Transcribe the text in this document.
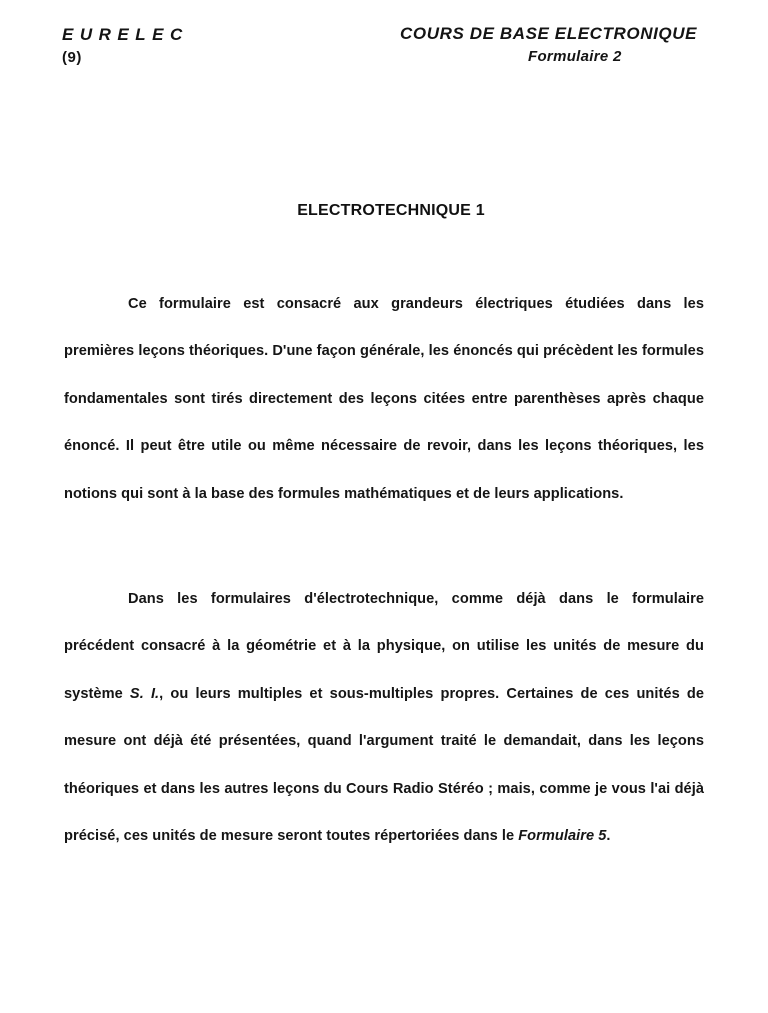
EURELEC
(9)
COURS DE BASE ELECTRONIQUE
Formulaire 2
ELECTROTECHNIQUE 1

Ce formulaire est consacré aux grandeurs électriques étudiées dans les premières leçons théoriques. D'une façon générale, les énoncés qui précèdent les formules fondamentales sont tirés directement des leçons citées entre parenthèses après chaque énoncé. Il peut être utile ou même nécessaire de revoir, dans les leçons théoriques, les notions qui sont à la base des formules mathématiques et de leurs applications.

Dans les formulaires d'électrotechnique, comme déjà dans le formulaire précédent consacré à la géométrie et à la physique, on utilise les unités de mesure du système S. I., ou leurs multiples et sous-multiples propres. Certaines de ces unités de mesure ont déjà été présentées, quand l'argument traité le demandait, dans les leçons théoriques et dans les autres leçons du Cours Radio Stéréo ; mais, comme je vous l'ai déjà précisé, ces unités de mesure seront toutes répertoriées dans le Formulaire 5.
